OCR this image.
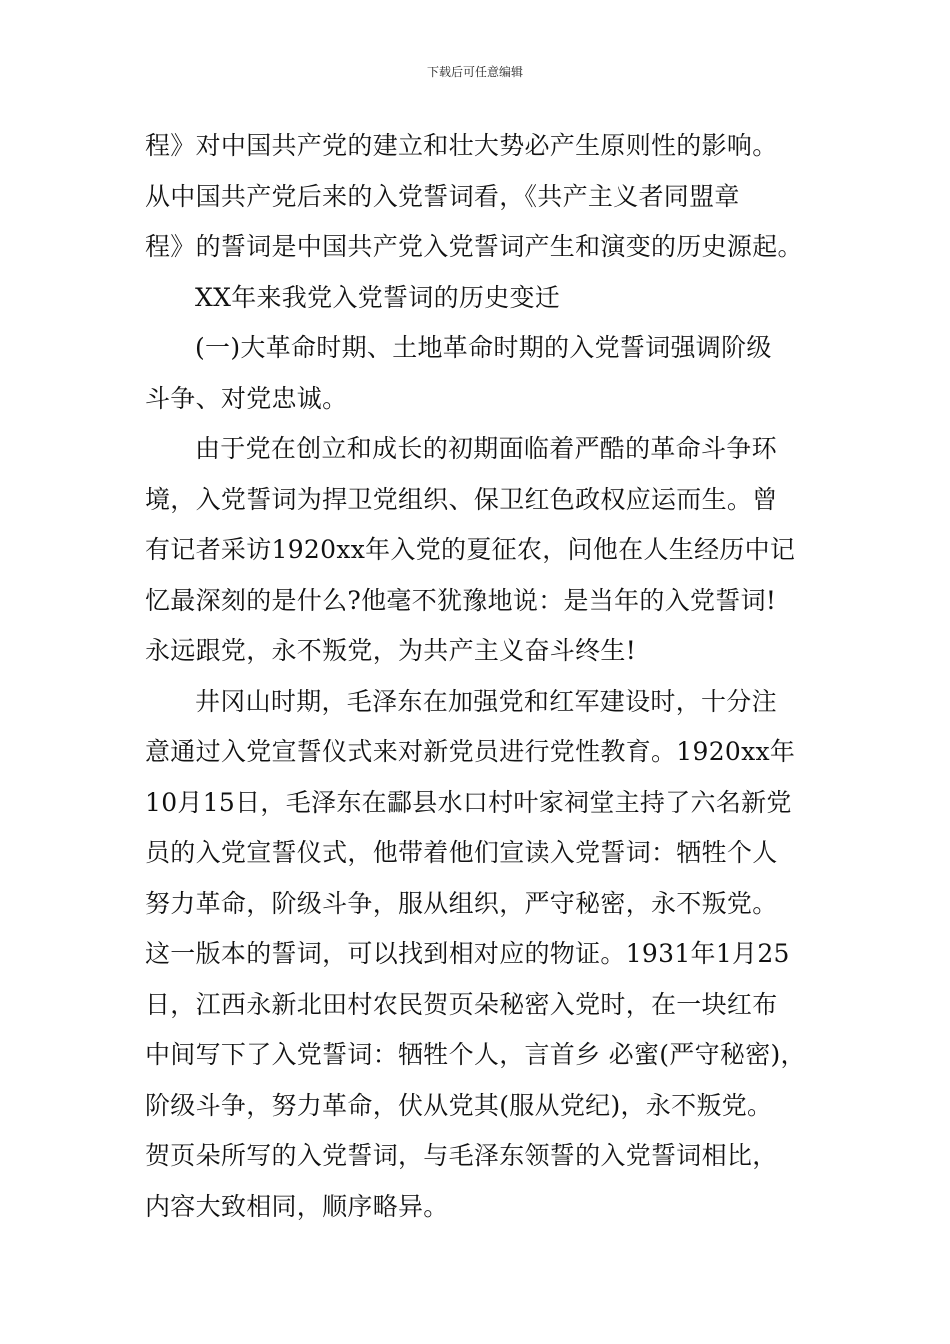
下载后可任意编辑
程》对中国共产党的建立和壮大势必产生原则性的影响。
从中国共产党后来的入党誓词看，《共产主义者同盟章
程》的誓词是中国共产党入党誓词产生和演变的历史源起。
XX年来我党入党誓词的历史变迁
(一)大革命时期、土地革命时期的入党誓词强调阶级
斗争、对党忠诚。
由于党在创立和成长的初期面临着严酷的革命斗争环
境，入党誓词为捍卫党组织、保卫红色政权应运而生。曾
有记者采访1920xx年入党的夏征农，问他在人生经历中记
忆最深刻的是什么?他毫不犹豫地说：是当年的入党誓词!
永远跟党，永不叛党，为共产主义奋斗终生!
井冈山时期，毛泽东在加强党和红军建设时，十分注
意通过入党宣誓仪式来对新党员进行党性教育。1920xx年
10月15日，毛泽东在酃县水口村叶家祠堂主持了六名新党
员的入党宣誓仪式，他带着他们宣读入党誓词：牺牲个人
努力革命，阶级斗争，服从组织，严守秘密，永不叛党。
这一版本的誓词，可以找到相对应的物证。1931年1月25
日，江西永新北田村农民贺页朵秘密入党时，在一块红布
中间写下了入党誓词：牺牲个人，言首乡 必蜜(严守秘密)，
阶级斗争，努力革命，伏从党其(服从党纪)，永不叛党。
贺页朵所写的入党誓词，与毛泽东领誓的入党誓词相比，
内容大致相同，顺序略异。
